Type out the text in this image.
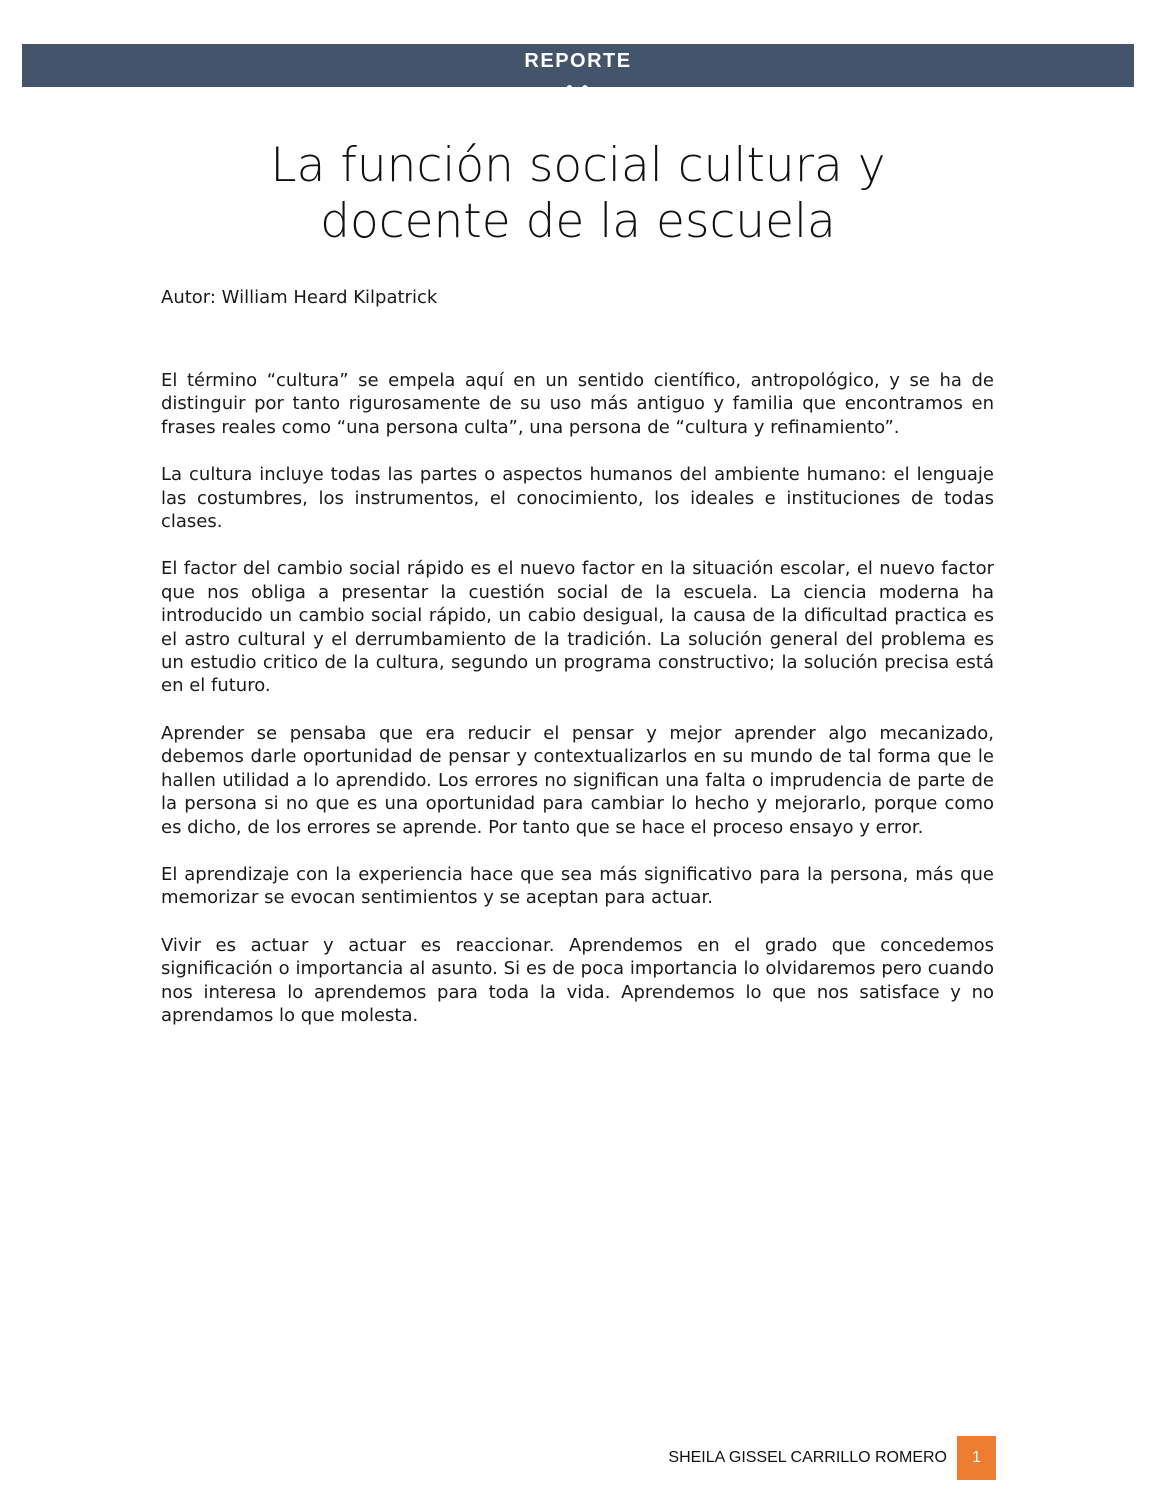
REPORTE
• •
La función social cultura y
docente de la escuela

Autor: William Heard Kilpatrick

El término “cultura” se empela aquí en un sentido científico, antropológico, y se ha de distinguir por tanto rigurosamente de su uso más antiguo y familia que encontramos en frases reales como “una persona culta”, una persona de “cultura y refinamiento”.

La cultura incluye todas las partes o aspectos humanos del ambiente humano: el lenguaje las costumbres, los instrumentos, el conocimiento, los ideales e instituciones de todas clases.

El factor del cambio social rápido es el nuevo factor en la situación escolar, el nuevo factor que nos obliga a presentar la cuestión social de la escuela. La ciencia moderna ha introducido un cambio social rápido, un cabio desigual, la causa de la dificultad practica es el astro cultural y el derrumbamiento de la tradición. La solución general del problema es un estudio critico de la cultura, segundo un programa constructivo; la solución precisa está en el futuro.

Aprender se pensaba que era reducir el pensar y mejor aprender algo mecanizado, debemos darle oportunidad de pensar y contextualizarlos en su mundo de tal forma que le hallen utilidad a lo aprendido. Los errores no significan una falta o imprudencia de parte de la persona si no que es una oportunidad para cambiar lo hecho y mejorarlo, porque como es dicho, de los errores se aprende. Por tanto que se hace el proceso ensayo y error.

El aprendizaje con la experiencia hace que sea más significativo para la persona, más que memorizar se evocan sentimientos y se aceptan para actuar.

Vivir es actuar y actuar es reaccionar. Aprendemos en el grado que concedemos significación o importancia al asunto. Si es de poca importancia lo olvidaremos pero cuando nos interesa lo aprendemos para toda la vida. Aprendemos lo que nos satisface y no aprendamos lo que molesta.

SHEILA GISSEL CARRILLO ROMERO	1
